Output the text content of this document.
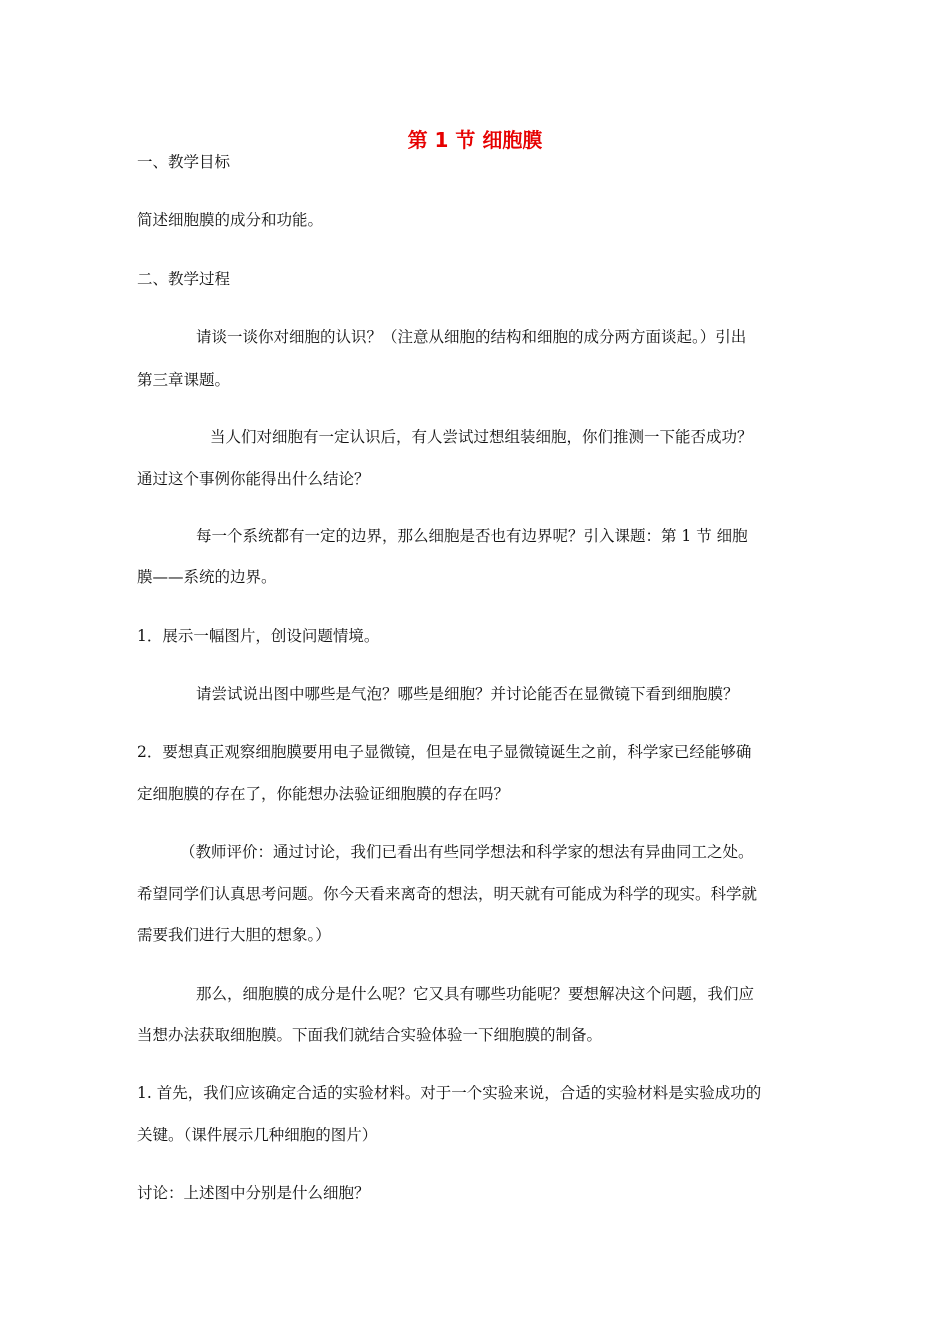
第 1 节 细胞膜
一、教学目标
简述细胞膜的成分和功能。
二、教学过程
请谈一谈你对细胞的认识？（注意从细胞的结构和细胞的成分两方面谈起。）引出
第三章课题。
当人们对细胞有一定认识后，有人尝试过想组装细胞，你们推测一下能否成功？
通过这个事例你能得出什么结论？
每一个系统都有一定的边界，那么细胞是否也有边界呢？引入课题：第 1 节 细胞
膜——系统的边界。
1．展示一幅图片，创设问题情境。
请尝试说出图中哪些是气泡？哪些是细胞？并讨论能否在显微镜下看到细胞膜？
2．要想真正观察细胞膜要用电子显微镜，但是在电子显微镜诞生之前，科学家已经能够确
定细胞膜的存在了，你能想办法验证细胞膜的存在吗？
（教师评价：通过讨论，我们已看出有些同学想法和科学家的想法有异曲同工之处。
希望同学们认真思考问题。你今天看来离奇的想法，明天就有可能成为科学的现实。科学就
需要我们进行大胆的想象。）
那么，细胞膜的成分是什么呢？它又具有哪些功能呢？要想解决这个问题，我们应
当想办法获取细胞膜。下面我们就结合实验体验一下细胞膜的制备。
1. 首先，我们应该确定合适的实验材料。对于一个实验来说，合适的实验材料是实验成功的
关键。（课件展示几种细胞的图片）
讨论：上述图中分别是什么细胞？
